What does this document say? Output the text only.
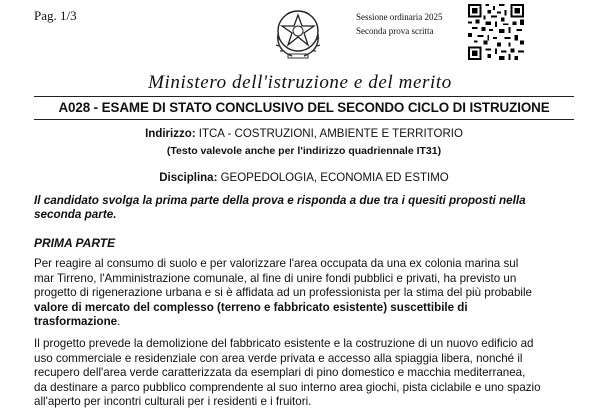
Pag. 1/3	Sessione ordinaria 2025
Seconda prova scritta
Ministero dell'istruzione e del merito
A028 - ESAME DI STATO CONCLUSIVO DEL SECONDO CICLO DI ISTRUZIONE
Indirizzo: ITCA - COSTRUZIONI, AMBIENTE E TERRITORIO
(Testo valevole anche per l'indirizzo quadriennale IT31)
Disciplina: GEOPEDOLOGIA, ECONOMIA ED ESTIMO
Il candidato svolga la prima parte della prova e risponda a due tra i quesiti proposti nella
seconda parte.
PRIMA PARTE
Per reagire al consumo di suolo e per valorizzare l'area occupata da una ex colonia marina sul
mar Tirreno, l'Amministrazione comunale, al fine di unire fondi pubblici e privati, ha previsto un
progetto di rigenerazione urbana e si è affidata ad un professionista per la stima del più probabile
valore di mercato del complesso (terreno e fabbricato esistente) suscettibile di
trasformazione.
Il progetto prevede la demolizione del fabbricato esistente e la costruzione di un nuovo edificio ad
uso commerciale e residenziale con area verde privata e accesso alla spiaggia libera, nonché il
recupero dell'area verde caratterizzata da esemplari di pino domestico e macchia mediterranea,
da destinare a parco pubblico comprendente al suo interno area giochi, pista ciclabile e uno spazio
all'aperto per incontri culturali per i residenti e i fruitori.
